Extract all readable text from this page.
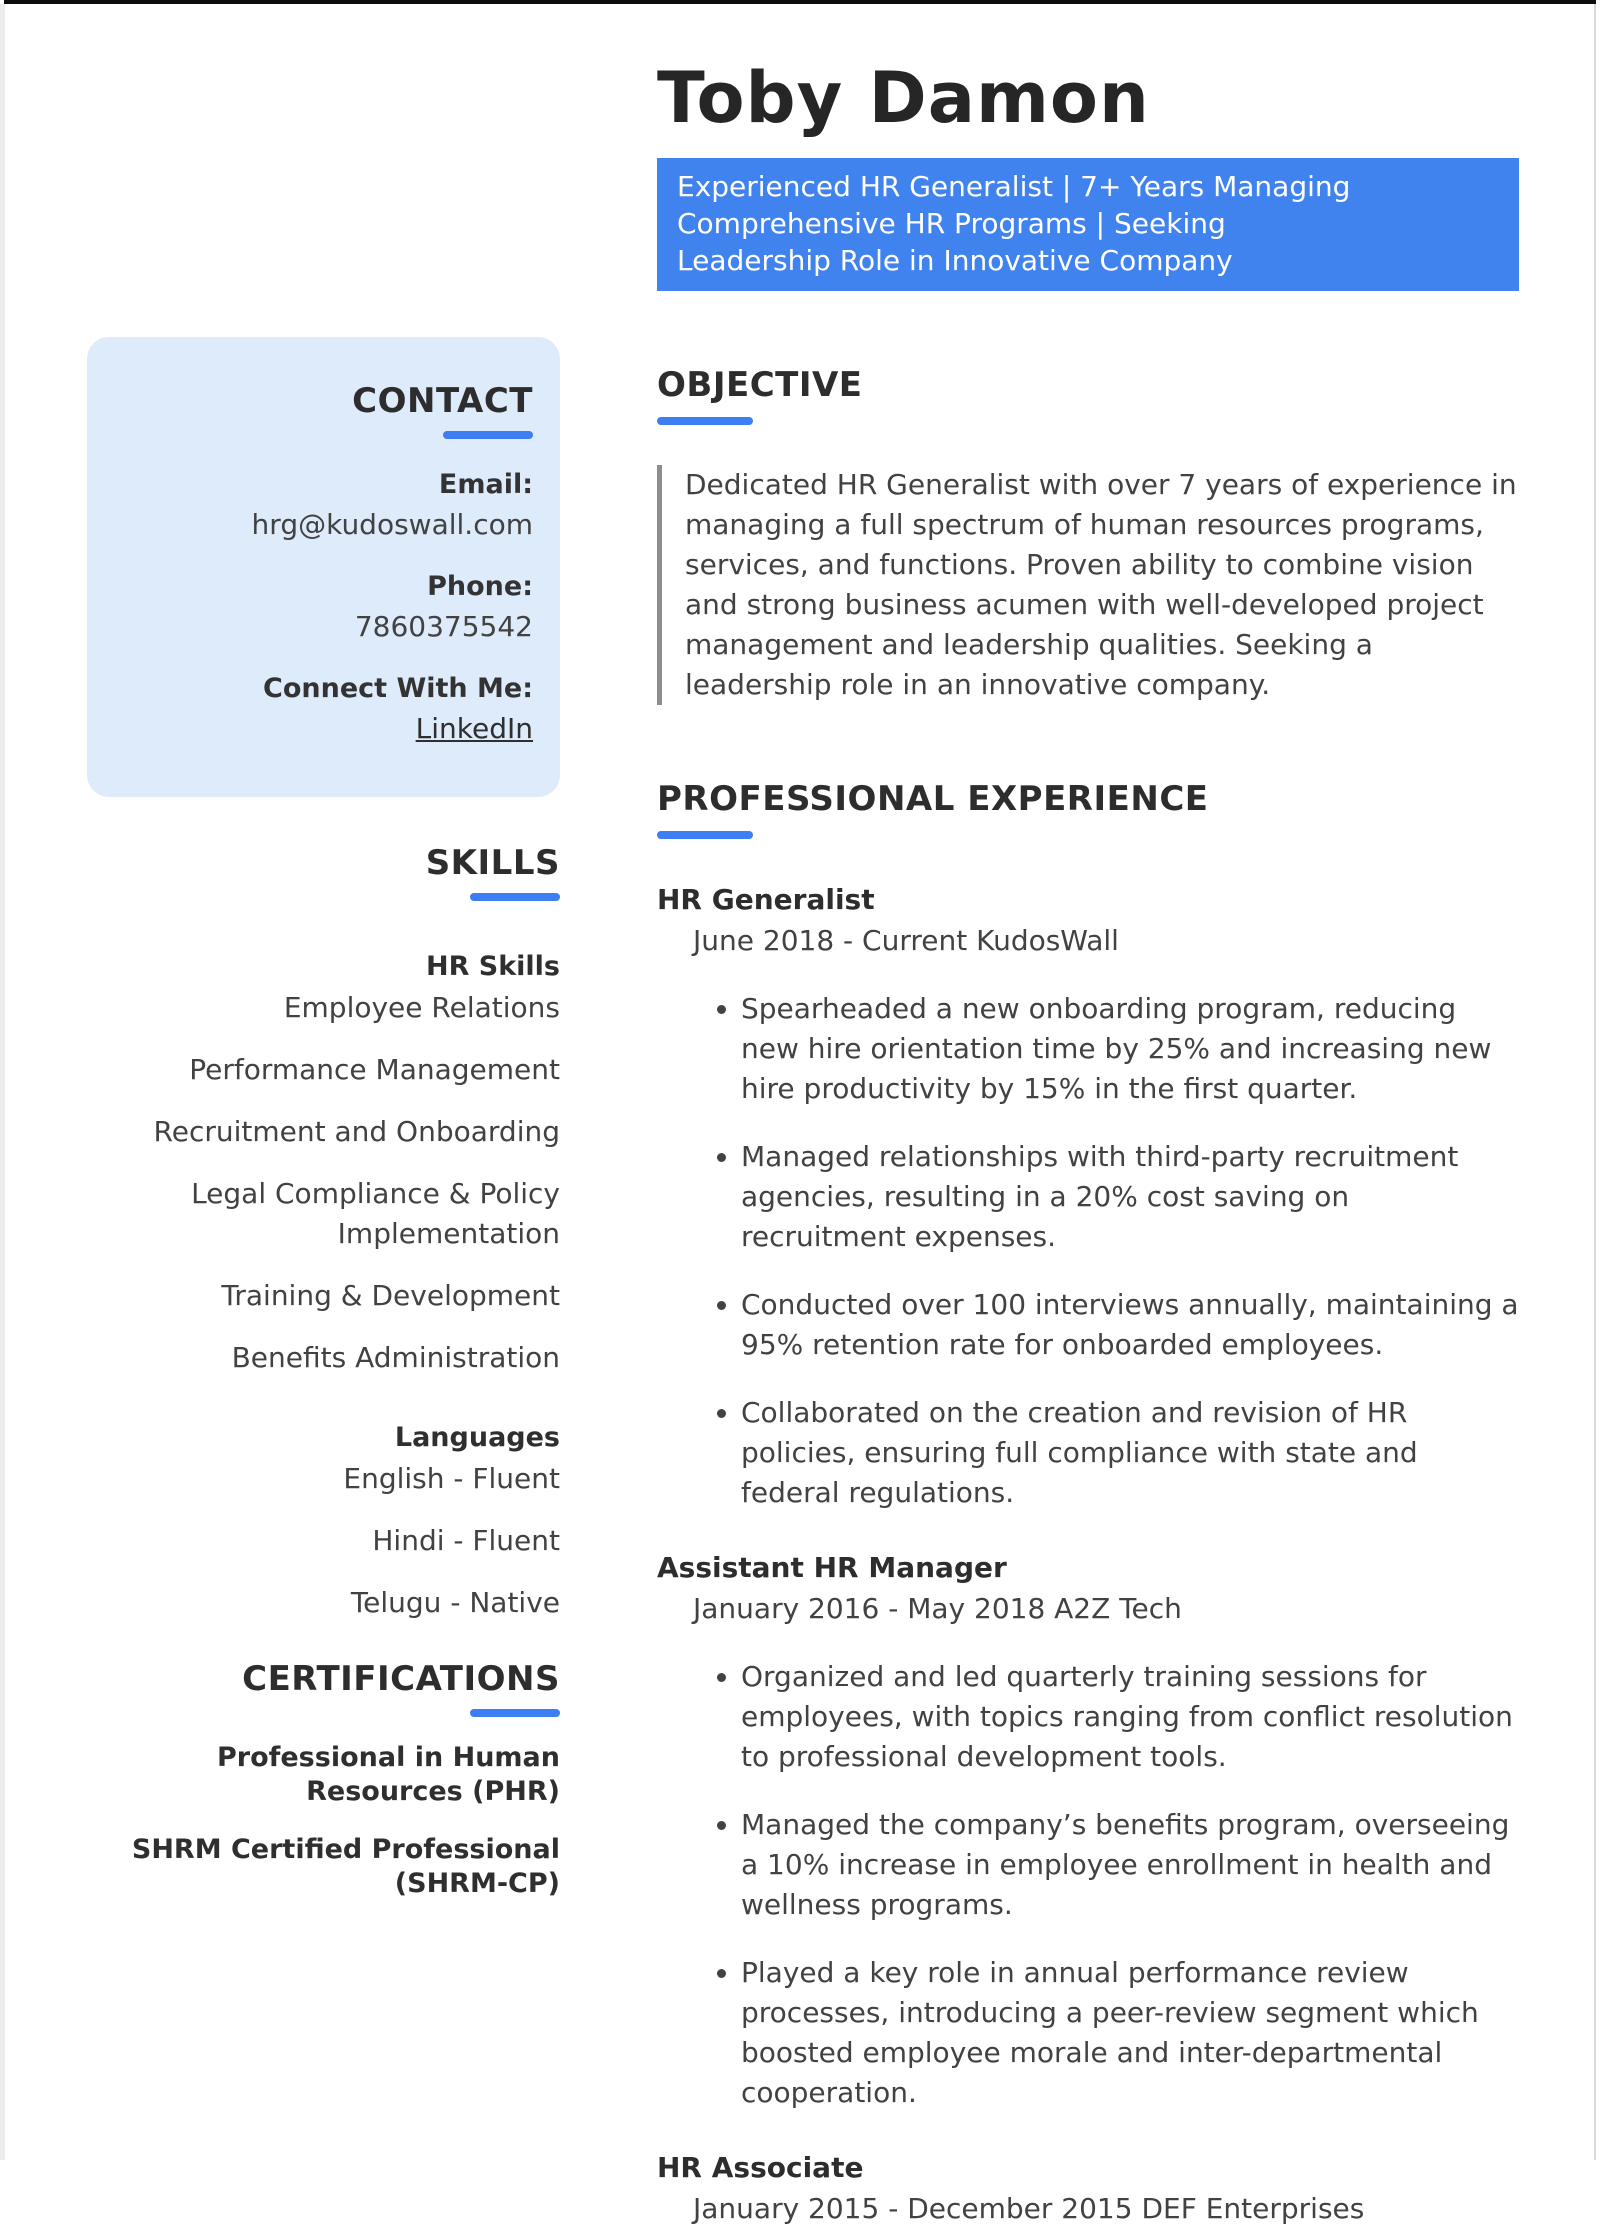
CONTACT
Email:
hrg@kudoswall.com
Phone:
7860375542
Connect With Me:
LinkedIn
SKILLS
HR Skills
Employee Relations
Performance Management
Recruitment and Onboarding
Legal Compliance & Policy Implementation
Training & Development
Benefits Administration
Languages
English - Fluent
Hindi - Fluent
Telugu - Native
CERTIFICATIONS
Professional in Human Resources (PHR)
SHRM Certified Professional (SHRM-CP)
Toby Damon
Experienced HR Generalist | 7+ Years Managing
Comprehensive HR Programs | Seeking
Leadership Role in Innovative Company
OBJECTIVE
Dedicated HR Generalist with over 7 years of experience in managing a full spectrum of human resources programs, services, and functions. Proven ability to combine vision and strong business acumen with well-developed project management and leadership qualities. Seeking a leadership role in an innovative company.
PROFESSIONAL EXPERIENCE
HR Generalist
June 2018 - Current KudosWall
• Spearheaded a new onboarding program, reducing new hire orientation time by 25% and increasing new hire productivity by 15% in the first quarter.
• Managed relationships with third-party recruitment agencies, resulting in a 20% cost saving on recruitment expenses.
• Conducted over 100 interviews annually, maintaining a 95% retention rate for onboarded employees.
• Collaborated on the creation and revision of HR policies, ensuring full compliance with state and federal regulations.
Assistant HR Manager
January 2016 - May 2018 A2Z Tech
• Organized and led quarterly training sessions for employees, with topics ranging from conflict resolution to professional development tools.
• Managed the company’s benefits program, overseeing a 10% increase in employee enrollment in health and wellness programs.
• Played a key role in annual performance review processes, introducing a peer-review segment which boosted employee morale and inter-departmental cooperation.
HR Associate
January 2015 - December 2015 DEF Enterprises
